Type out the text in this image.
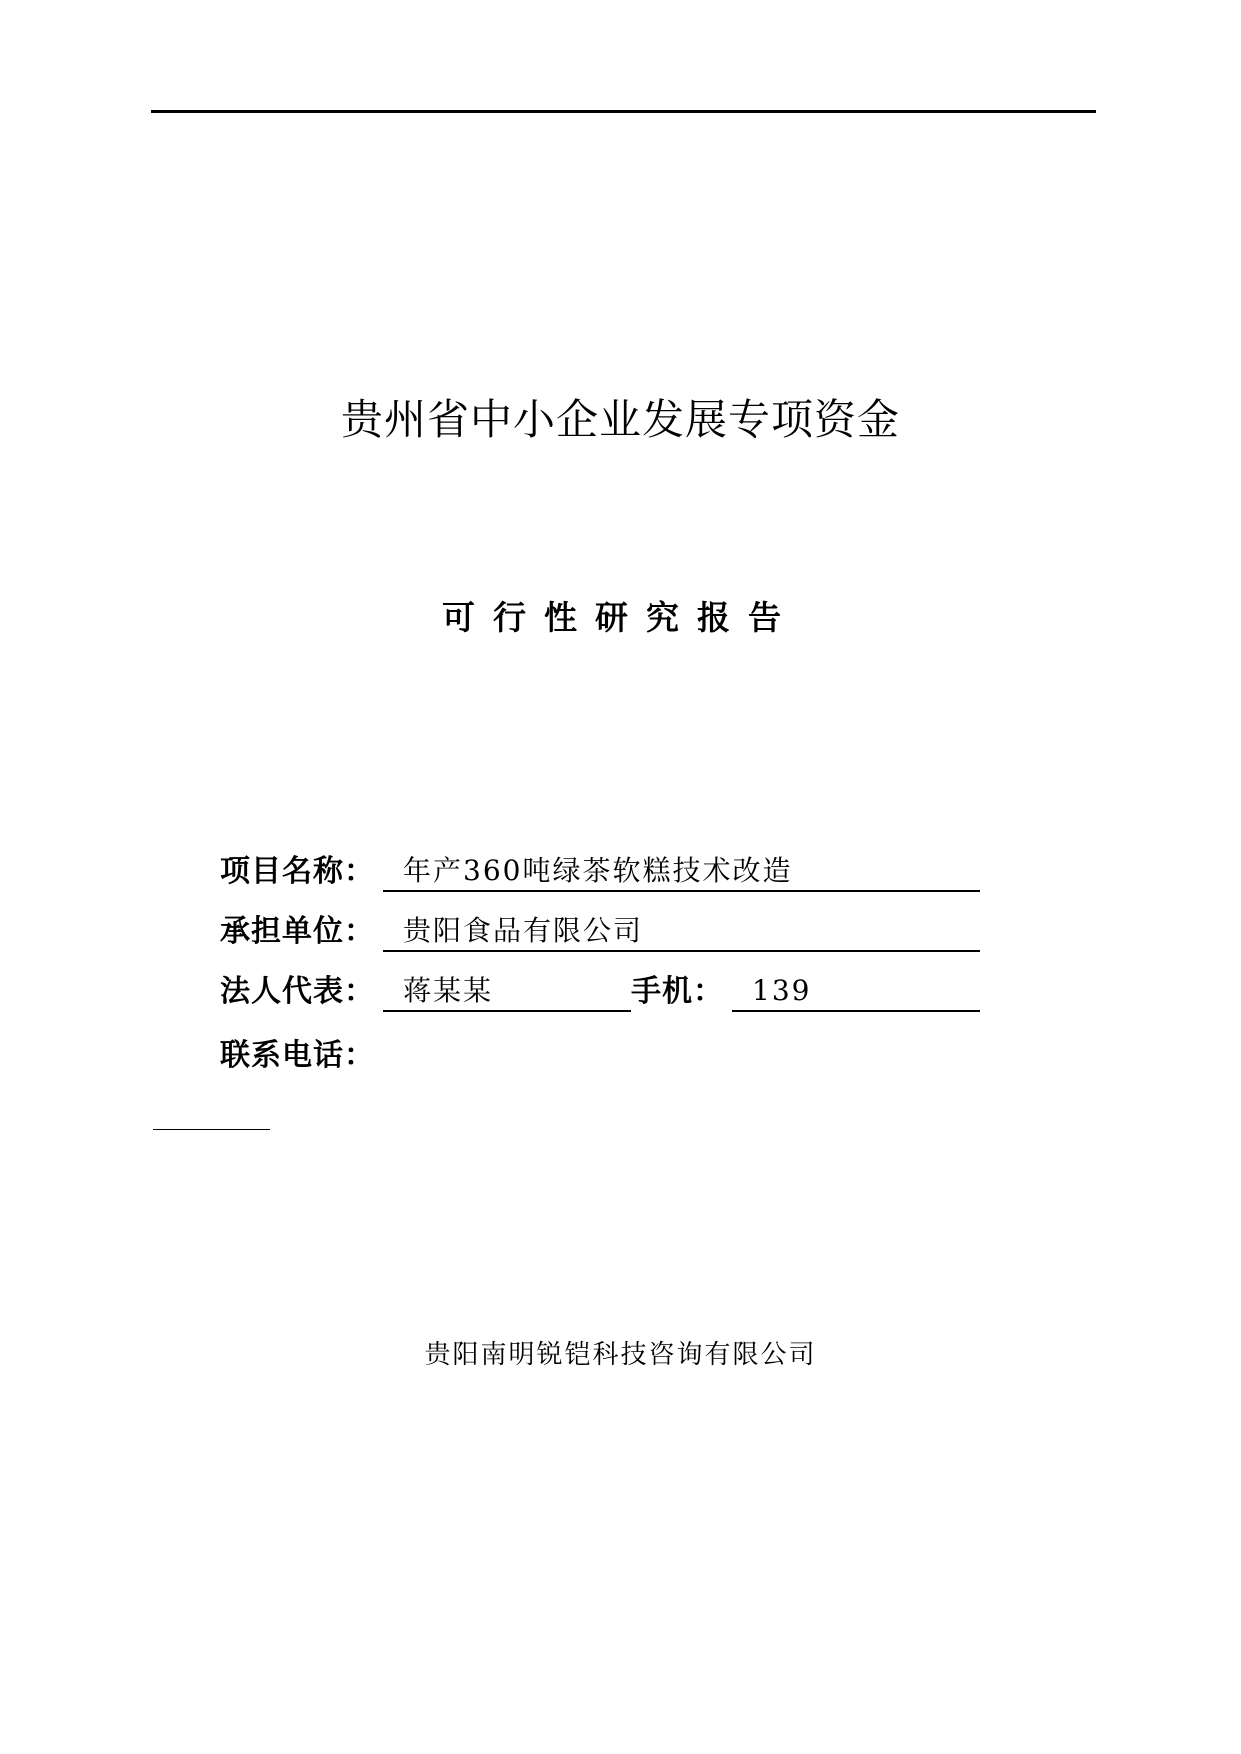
贵州省中小企业发展专项资金
可行性研究报告
项目名称：	年产360吨绿茶软糕技术改造
承担单位：	贵阳食品有限公司
法人代表：	蒋某某	手机：	139
联系电话：
贵阳南明锐铠科技咨询有限公司
